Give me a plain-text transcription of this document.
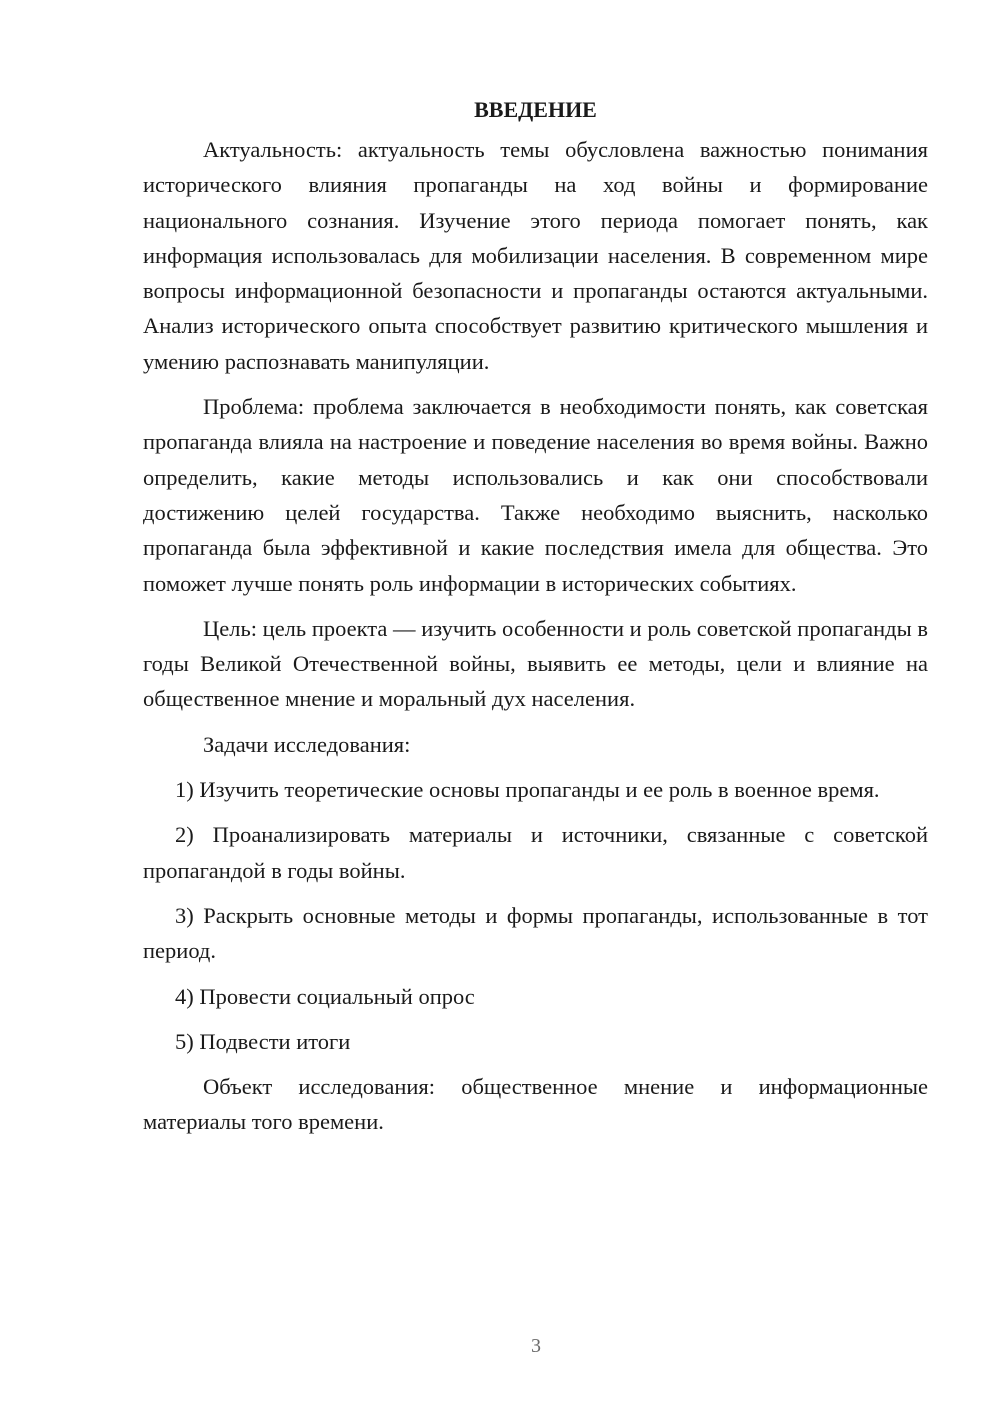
ВВЕДЕНИЕ

Актуальность: актуальность темы обусловлена важностью понимания исторического влияния пропаганды на ход войны и формирование национального сознания. Изучение этого периода помогает понять, как информация использовалась для мобилизации населения. В современном мире вопросы информационной безопасности и пропаганды остаются актуальными. Анализ исторического опыта способствует развитию критического мышления и умению распознавать манипуляции.

Проблема: проблема заключается в необходимости понять, как советская пропаганда влияла на настроение и поведение населения во время войны. Важно определить, какие методы использовались и как они способствовали достижению целей государства. Также необходимо выяснить, насколько пропаганда была эффективной и какие последствия имела для общества. Это поможет лучше понять роль информации в исторических событиях.

Цель: цель проекта — изучить особенности и роль советской пропаганды в годы Великой Отечественной войны, выявить ее методы, цели и влияние на общественное мнение и моральный дух населения.

Задачи исследования:

1) Изучить теоретические основы пропаганды и ее роль в военное время.

2) Проанализировать материалы и источники, связанные с советской пропагандой в годы войны.

3) Раскрыть основные методы и формы пропаганды, использованные в тот период.

4) Провести социальный опрос

5) Подвести итоги

Объект исследования: общественное мнение и информационные материалы того времени.

3
